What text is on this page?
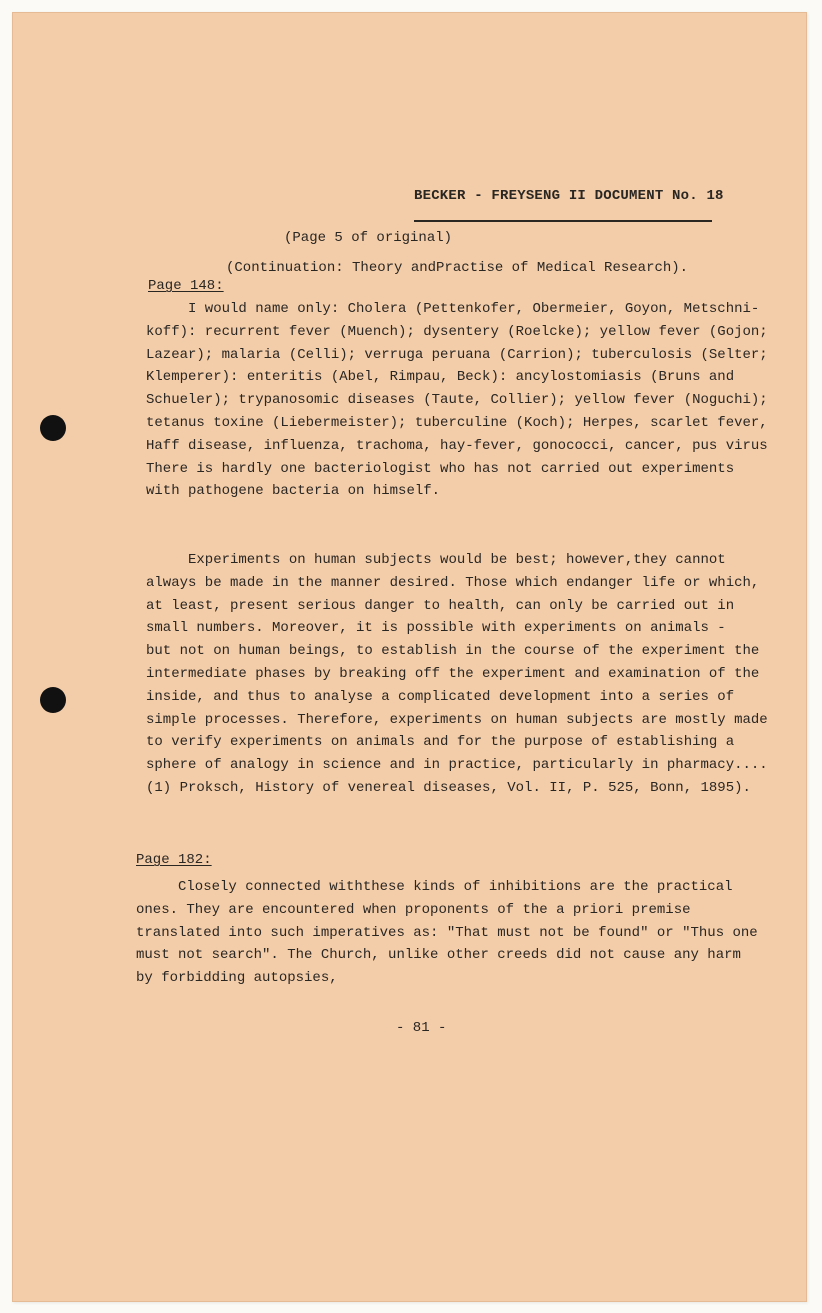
BECKER - FREYSENG II DOCUMENT No. 18
(Page 5 of original)
(Continuation: Theory andPractise of Medical Research).
Page 148:
I would name only: Cholera (Pettenkofer, Obermeier, Goyon, Metschni-
koff): recurrent fever (Muench); dysentery (Roelcke); yellow fever (Gojon;
Lazear); malaria (Celli); verruga peruana (Carrion); tuberculosis (Selter;
Klemperer): enteritis (Abel, Rimpau, Beck): ancylostomiasis (Bruns and
Schueler); trypanosomic diseases (Taute, Collier); yellow fever (Noguchi);
tetanus toxine (Liebermeister); tuberculine (Koch); Herpes, scarlet fever,
Haff disease, influenza, trachoma, hay-fever, gonococci, cancer, pus virus
There is hardly one bacteriologist who has not carried out experiments
with pathogene bacteria on himself.
Experiments on human subjects would be best; however,they cannot
always be made in the manner desired. Those which endanger life or which,
at least, present serious danger to health, can only be carried out in
small numbers. Moreover, it is possible with experiments on animals -
but not on human beings, to establish in the course of the experiment the
intermediate phases by breaking off the experiment and examination of the
inside, and thus to analyse a complicated development into a series of
simple processes. Therefore, experiments on human subjects are mostly made
to verify experiments on animals and for the purpose of establishing a
sphere of analogy in science and in practice, particularly in pharmacy....
(1) Proksch, History of venereal diseases, Vol. II, P. 525, Bonn, 1895).
Page 182:
Closely connected withthese kinds of inhibitions are the practical
ones. They are encountered when proponents of the a priori premise
translated into such imperatives as: "That must not be found" or "Thus one
must not search". The Church, unlike other creeds did not cause any harm
by forbidding autopsies,
- 81 -
